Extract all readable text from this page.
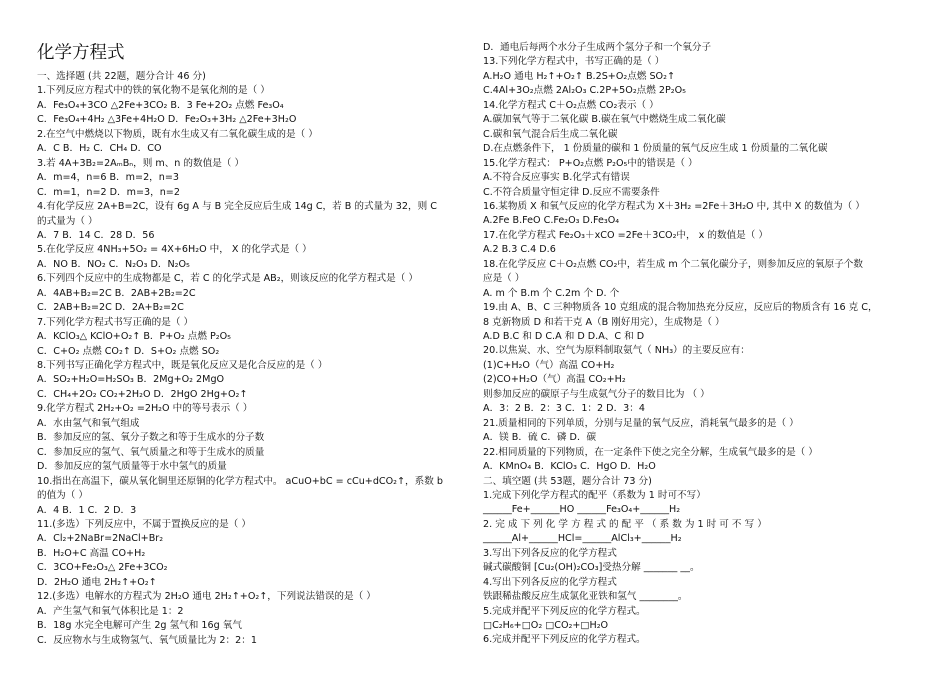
化学方程式
一、选择题 (共 22题，题分合计 46 分)
1.下列反应方程式中的铁的氧化物不是氧化剂的是（ ）
A．Fe₃O₄+3CO △2Fe+3CO₂ B．3 Fe+2O₂ 点燃 Fe₃O₄
C．Fe₃O₄+4H₂ △3Fe+4H₂O D．Fe₂O₃+3H₂ △2Fe+3H₂O
2.在空气中燃烧以下物质，既有水生成又有二氧化碳生成的是（ ）
A．C B．H₂ C．CH₄ D．CO
3.若 4A+3B₂=2AₘBₙ，则 m、n 的数值是（ ）
A．m=4，n=6 B．m=2，n=3
C．m=1，n=2 D．m=3，n=2
4.有化学反应 2A+B=2C，设有 6g A 与 B 完全反应后生成 14g C，若 B 的式量为 32，则 C
的式量为（ ）
A．7 B．14 C．28 D．56
5.在化学反应 4NH₃+5O₂ = 4X+6H₂O 中， X 的化学式是（ ）
A．NO B．NO₂ C．N₂O₃ D．N₂O₅
6.下列四个反应中的生成物都是 C，若 C 的化学式是 AB₂，则该反应的化学方程式是（ ）
A．4AB+B₂=2C B．2AB+2B₂=2C
C．2AB+B₂=2C D．2A+B₂=2C
7.下列化学方程式书写正确的是（ ）
A．KClO₃△ KClO+O₂↑ B．P+O₂ 点燃 P₂O₅
C．C+O₂ 点燃 CO₂↑ D．S+O₂ 点燃 SO₂
8.下列书写正确化学方程式中，既是氧化反应又是化合反应的是（ ）
A．SO₂+H₂O=H₂SO₃ B．2Mg+O₂ 2MgO
C．CH₄+2O₂ CO₂+2H₂O D．2HgO 2Hg+O₂↑
9.化学方程式 2H₂+O₂ =2H₂O 中的等号表示（ ）
A．水由氢气和氧气组成
B．参加反应的氢、氧分子数之和等于生成水的分子数
C．参加反应的氢气、氧气质量之和等于生成水的质量
D．参加反应的氢气质量等于水中氢气的质量
10.指出在高温下，碳从氧化铜里还原铜的化学方程式中。 aCuO+bC = cCu+dCO₂↑，系数 b
的值为（ ）
A．4 B．1 C．2 D．3
11.(多选）下列反应中，不属于置换反应的是（ ）
A．Cl₂+2NaBr=2NaCl+Br₂
B．H₂O+C 高温 CO+H₂
C．3CO+Fe₂O₃△ 2Fe+3CO₂
D．2H₂O 通电 2H₂↑+O₂↑
12.(多选）电解水的方程式为 2H₂O 通电 2H₂↑+O₂↑，下列说法错误的是（ ）
A．产生氢气和氧气体积比是 1：2
B．18g 水完全电解可产生 2g 氢气和 16g 氧气
C．反应物水与生成物氢气、氧气质量比为 2：2：1
D．通电后每两个水分子生成两个氢分子和一个氧分子
13.下列化学方程式中，书写正确的是（ ）
A.H₂O 通电 H₂↑+O₂↑ B.2S+O₂点燃 SO₂↑
C.4Al+3O₂点燃 2Al₂O₃ C.2P+5O₂点燃 2P₂O₅
14.化学方程式 C＋O₂点燃 CO₂表示（ ）
A.碳加氧气等于二氧化碳 B.碳在氧气中燃烧生成二氧化碳
C.碳和氧气混合后生成二氧化碳
D.在点燃条件下， 1 份质量的碳和 1 份质量的氧气反应生成 1 份质量的二氧化碳
15.化学方程式： P+O₂点燃 P₂O₅中的错误是（ ）
A.不符合反应事实 B.化学式有错误
C.不符合质量守恒定律 D.反应不需要条件
16.某物质 X 和氧气反应的化学方程式为 X＋3H₂ =2Fe＋3H₂O 中, 其中 X 的数值为（ ）
A.2Fe B.FeO C.Fe₂O₃ D.Fe₃O₄
17.在化学方程式 Fe₂O₃＋xCO =2Fe＋3CO₂中， x 的数值是（ ）
A.2 B.3 C.4 D.6
18.在化学反应 C＋O₂点燃 CO₂中，若生成 m 个二氧化碳分子，则参加反应的氧原子个数
应是（ ）
A. m 个 B.m 个 C.2m 个 D. 个
19.由 A、B、C 三种物质各 10 克组成的混合物加热充分反应，反应后的物质含有 16 克 C，
8 克新物质 D 和若干克 A（B 刚好用完），生成物是（ ）
A.D B.C 和 D C.A 和 D D.A、C 和 D
20.以焦炭、水、空气为原料制取氨气（ NH₃）的主要反应有：
(1)C+H₂O（气）高温 CO+H₂
(2)CO+H₂O（气）高温 CO₂+H₂
则参加反应的碳原子与生成氨气分子的数目比为 （ ）
A．3：2 B．2：3 C．1：2 D．3：4
21.质量相同的下列单质，分别与足量的氧气反应，消耗氧气最多的是（ ）
A．镁 B．硫 C．磷 D．碳
22.相同质量的下列物质，在一定条件下使之完全分解，生成氧气最多的是（ ）
A．KMnO₄ B．KClO₃ C．HgO D．H₂O
二、填空题 (共 53题，题分合计 73 分)
1.完成下列化学方程式的配平（系数为 1 时可不写）
______Fe+______HO ______Fe₃O₄+______H₂
2. 完 成 下 列 化 学 方 程 式 的 配 平 （ 系 数 为 1 时 可 不 写 ）
______Al+______HCl=______AlCl₃+______H₂
3.写出下列各反应的化学方程式
碱式碳酸铜 [Cu₂(OH)₂CO₃]受热分解 _______ __。
4.写出下列各反应的化学方程式
铁跟稀盐酸反应生成氯化亚铁和氢气 ________。
5.完成并配平下列反应的化学方程式。
□C₂H₆+□O₂ □CO₂+□H₂O
6.完成并配平下列反应的化学方程式。
